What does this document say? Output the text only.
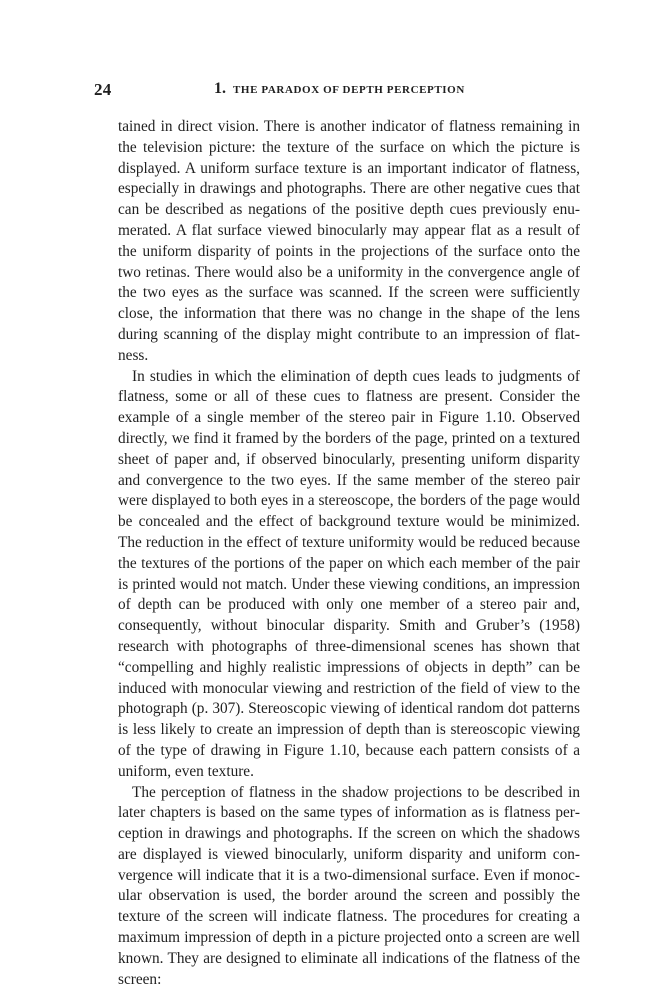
24	1. THE PARADOX OF DEPTH PERCEPTION

tained in direct vision. There is another indicator of flatness remaining in the television picture: the texture of the surface on which the picture is displayed. A uniform surface texture is an important indicator of flatness, especially in drawings and photographs. There are other negative cues that can be described as negations of the positive depth cues previously enumerated. A flat surface viewed binocularly may appear flat as a result of the uniform disparity of points in the projections of the surface onto the two retinas. There would also be a uniformity in the convergence angle of the two eyes as the surface was scanned. If the screen were sufficiently close, the information that there was no change in the shape of the lens during scanning of the display might contribute to an impression of flatness.

In studies in which the elimination of depth cues leads to judgments of flatness, some or all of these cues to flatness are present. Consider the example of a single member of the stereo pair in Figure 1.10. Observed directly, we find it framed by the borders of the page, printed on a textured sheet of paper and, if observed binocularly, presenting uniform disparity and convergence to the two eyes. If the same member of the stereo pair were displayed to both eyes in a stereoscope, the borders of the page would be concealed and the effect of background texture would be minimized. The reduction in the effect of texture uniformity would be reduced because the textures of the portions of the paper on which each member of the pair is printed would not match. Under these viewing conditions, an impression of depth can be produced with only one member of a stereo pair and, consequently, without binocular disparity. Smith and Gruber’s (1958) research with photographs of three-dimensional scenes has shown that “compelling and highly realistic impressions of objects in depth” can be induced with monocular viewing and restriction of the field of view to the photograph (p. 307). Stereoscopic viewing of identical random dot patterns is less likely to create an impression of depth than is stereoscopic viewing of the type of drawing in Figure 1.10, because each pattern consists of a uniform, even texture.

The perception of flatness in the shadow projections to be described in later chapters is based on the same types of information as is flatness perception in drawings and photographs. If the screen on which the shadows are displayed is viewed binocularly, uniform disparity and uniform convergence will indicate that it is a two-dimensional surface. Even if monocular observation is used, the border around the screen and possibly the texture of the screen will indicate flatness. The procedures for creating a maximum impression of depth in a picture projected onto a screen are well known. They are designed to eliminate all indications of the flatness of the screen:
